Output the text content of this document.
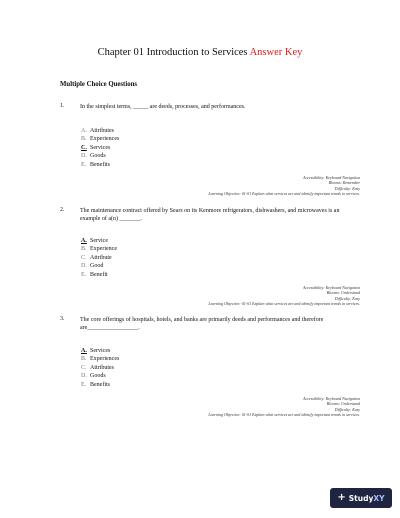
Chapter 01 Introduction to Services Answer Key
Multiple Choice Questions
1.	In the simplest terms, _____ are deeds, processes, and performances.
A. Attributes
B. Experiences
C. Services
D. Goods
E. Benefits
Accessibility: Keyboard Navigation
Blooms: Remember
Difficulty: Easy
Learning Objective: 01-01 Explain what services are and identify important trends in services.
2.	The maintenance contract offered by Sears on its Kenmore refrigerators, dishwashers, and microwaves is an example of a(n) _______.
A. Service
B. Experience
C. Attribute
D. Good
E. Benefit
Accessibility: Keyboard Navigation
Blooms: Understand
Difficulty: Easy
Learning Objective: 01-01 Explain what services are and identify important trends in services.
3.	The core offerings of hospitals, hotels, and banks are primarily deeds and performances and therefore are_________________.
A. Services
B. Experiences
C. Attributes
D. Goods
E. Benefits
Accessibility: Keyboard Navigation
Blooms: Understand
Difficulty: Easy
Learning Objective: 01-01 Explain what services are and identify important trends in services.
+ StudyXY
